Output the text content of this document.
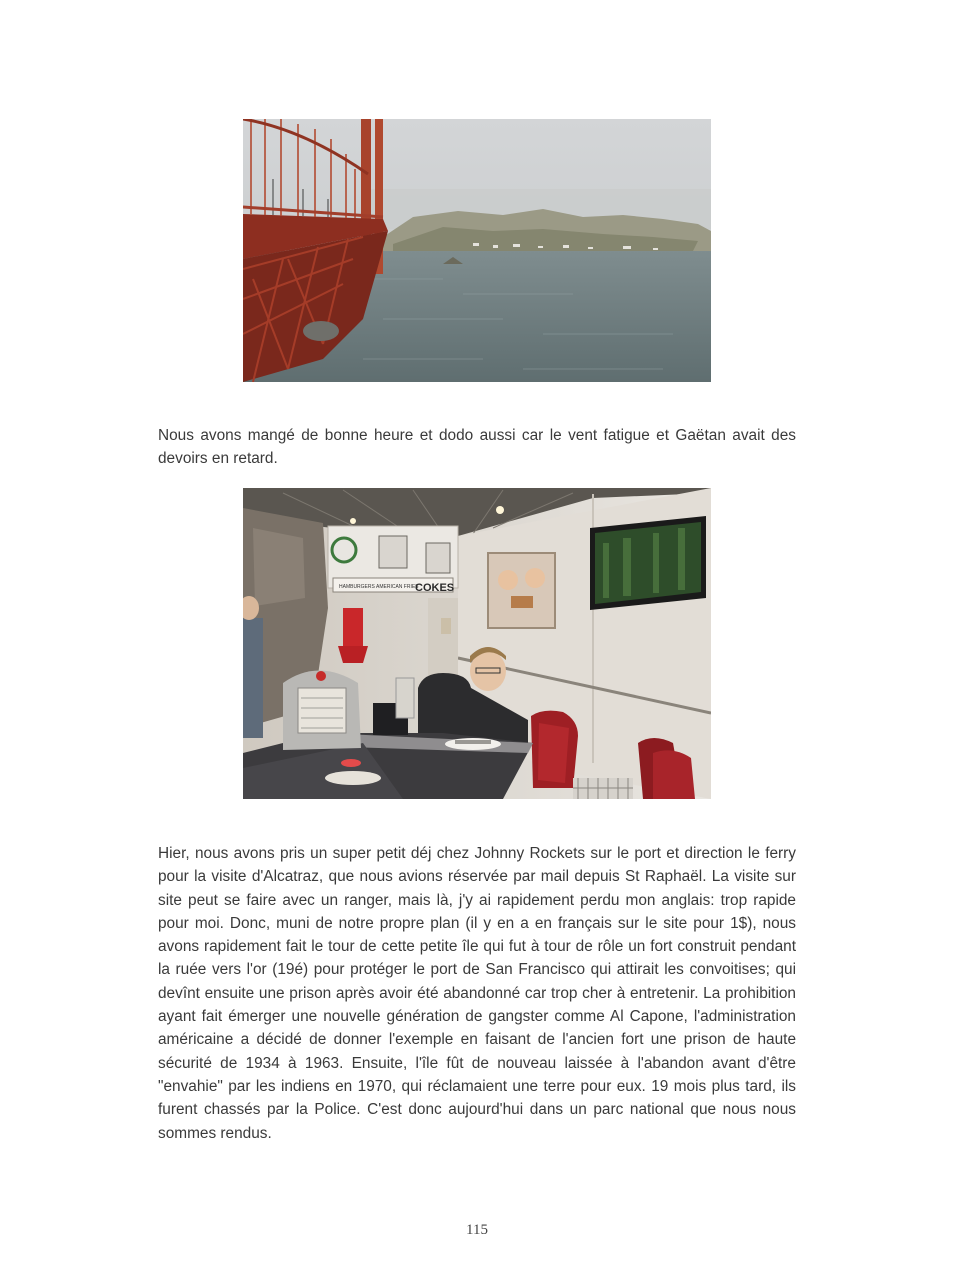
Nous avons mangé de bonne heure et dodo aussi car le vent fatigue et Gaëtan avait des devoirs en retard.
HAMBURGERS AMERICAN FRIES
COKES
Hier, nous avons pris un super petit déj chez Johnny Rockets sur le port et direction le ferry pour la visite d'Alcatraz, que nous avions réservée par mail depuis St Raphaël. La visite sur site peut se faire avec un ranger, mais là, j'y ai rapidement perdu mon anglais: trop rapide pour moi. Donc, muni de notre propre plan (il y en a en français sur le site pour 1$), nous avons rapidement fait le tour de cette petite île qui fut à tour de rôle un fort construit pendant la ruée vers l'or (19é) pour protéger le port de San Francisco qui attirait les convoitises; qui devînt ensuite une prison après avoir été abandonné car trop cher à entretenir. La prohibition ayant fait émerger une nouvelle génération de gangster comme Al Capone, l'administration américaine a décidé de donner l'exemple en faisant de l'ancien fort une prison de haute sécurité de 1934 à 1963. Ensuite, l'île fût de nouveau laissée à l'abandon avant d'être "envahie" par les indiens en 1970, qui réclamaient une terre pour eux. 19 mois plus tard, ils furent chassés par la Police. C'est donc aujourd'hui dans un parc national que nous nous sommes rendus.
115
